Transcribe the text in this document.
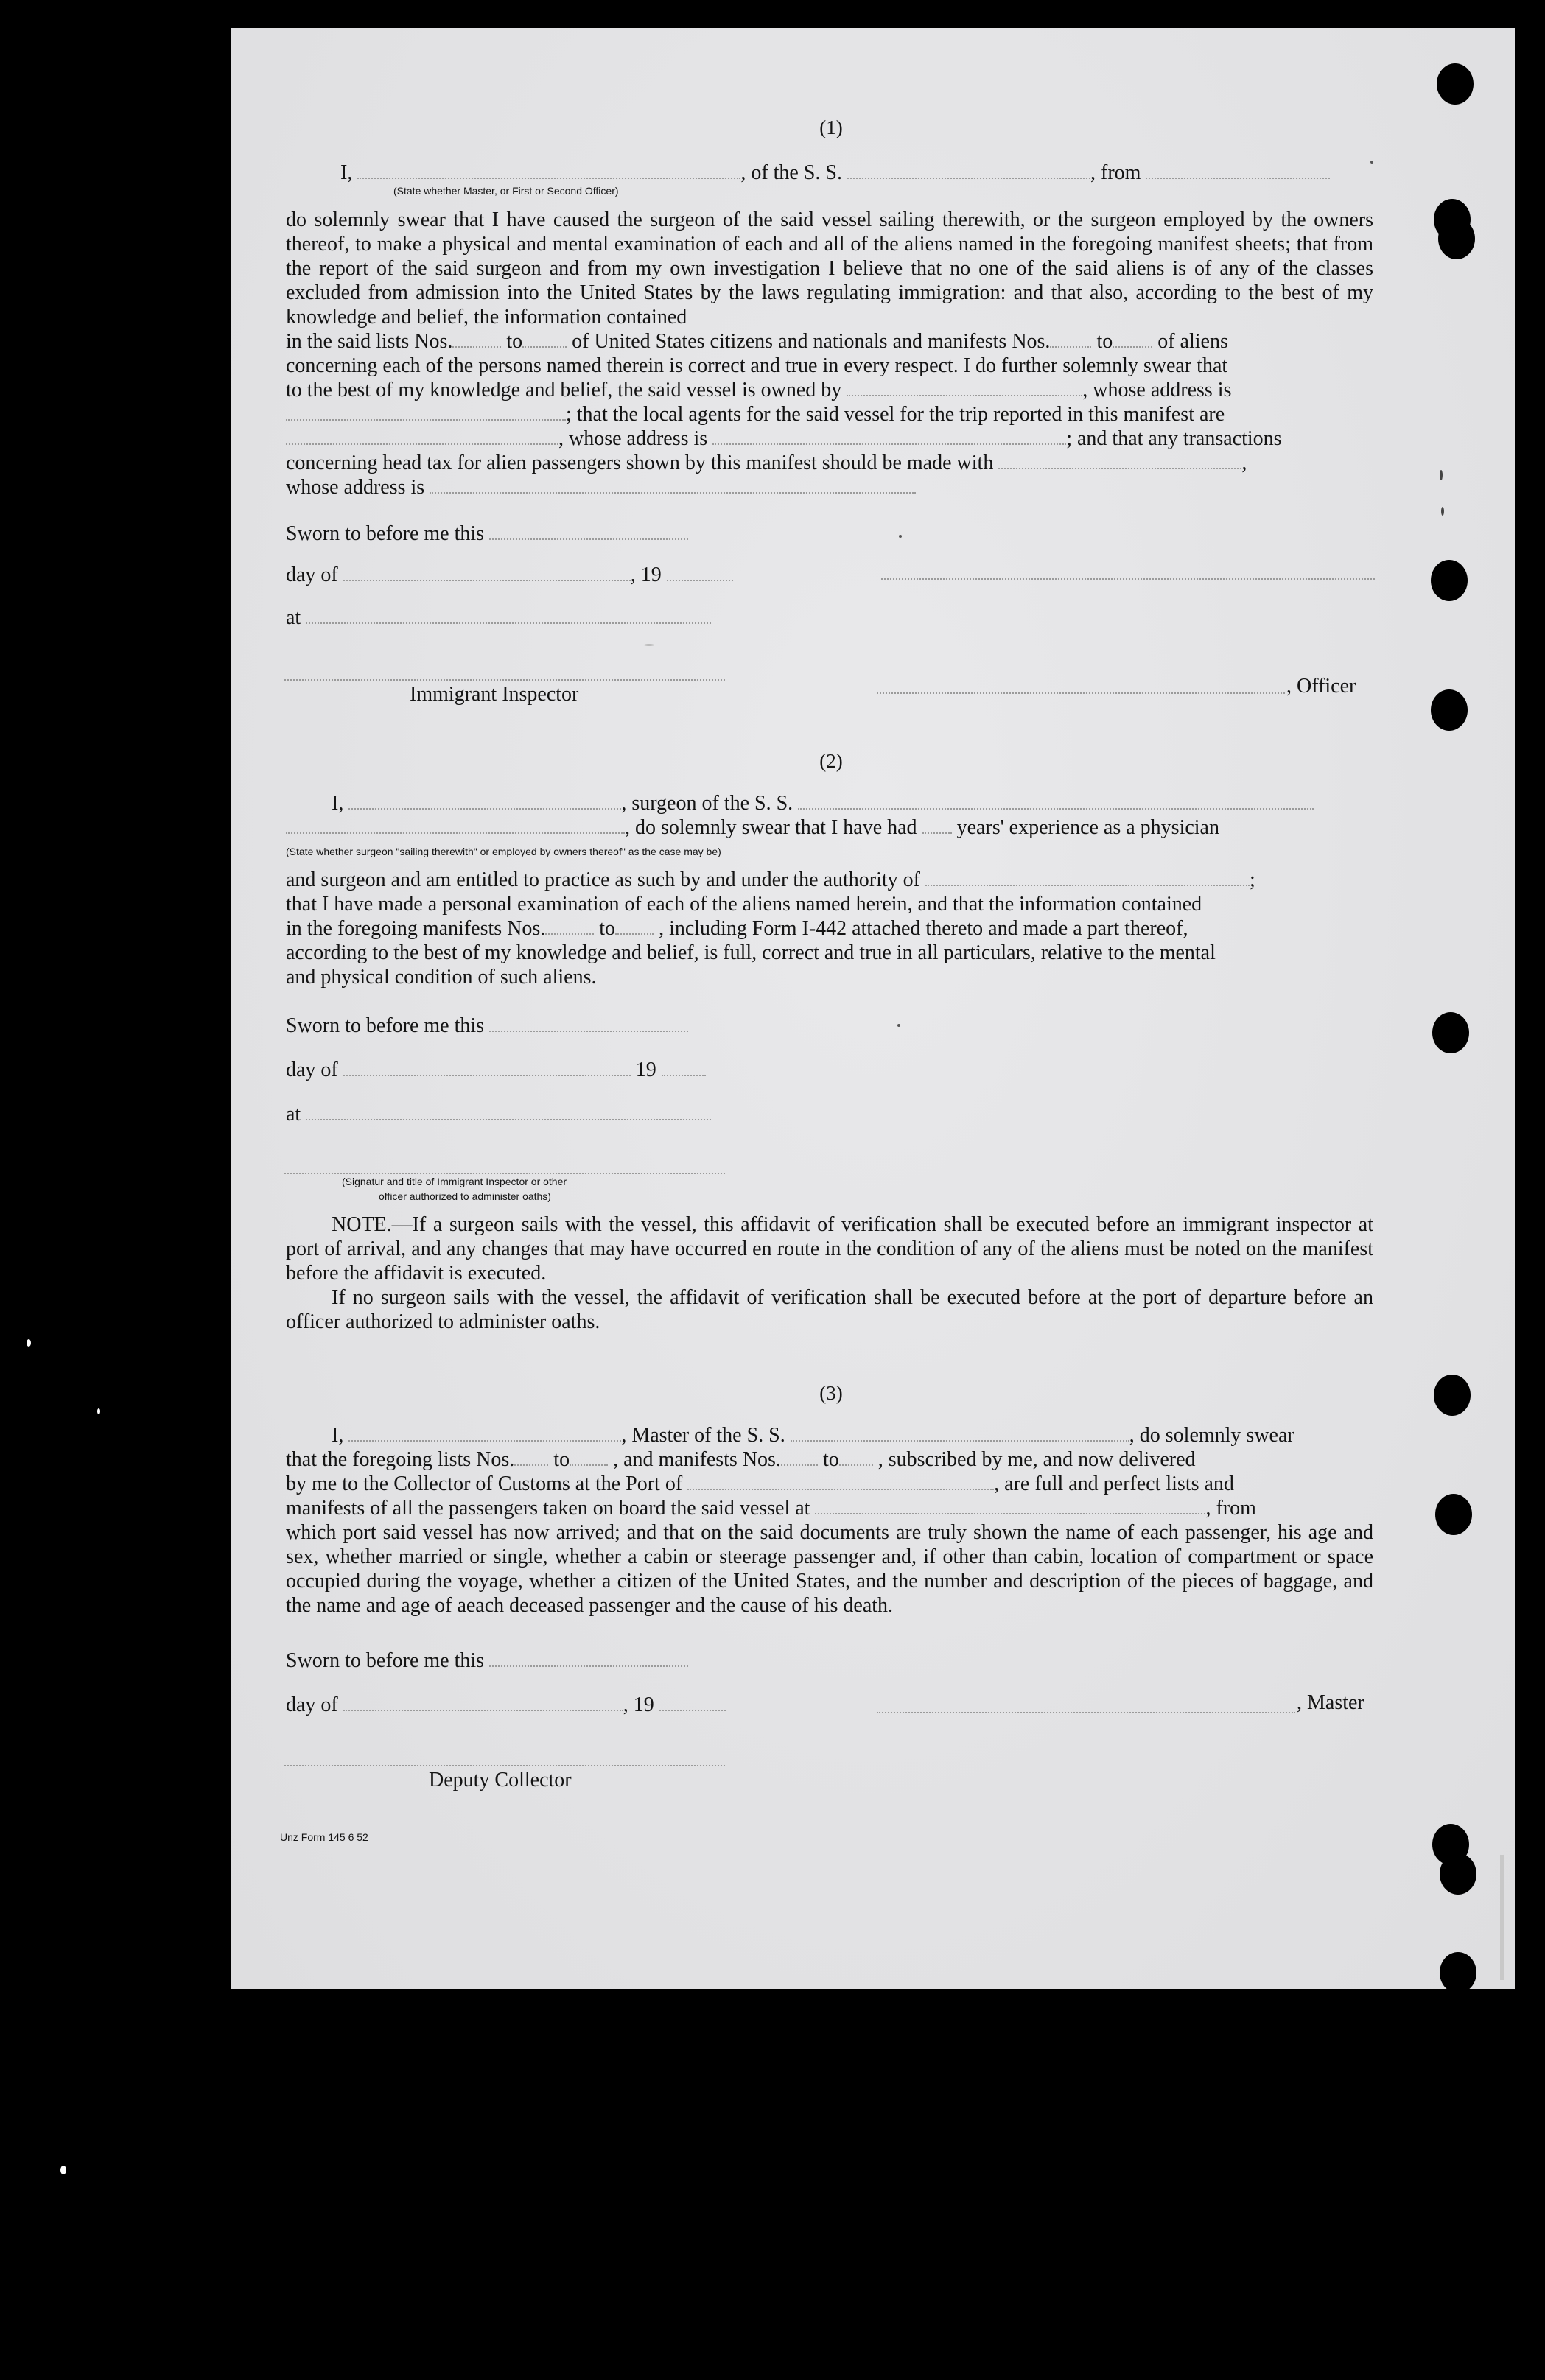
(1)
I,	, of the S. S.	, from
(State whether Master, or First or Second Officer)
do solemnly swear that I have caused the surgeon of the said vessel sailing therewith, or the surgeon employed by the owners thereof, to make a physical and mental examination of each and all of the aliens named in the foregoing manifest sheets; that from the report of the said surgeon and from my own investigation I believe that no one of the said aliens is of any of the classes excluded from admission into the United States by the laws regulating immigration: and that also, according to the best of my knowledge and belief, the information contained
in the said lists Nos.	to of United States citizens and nationals and manifests Nos. to of aliens
concerning each of the persons named therein is correct and true in every respect. I do further solemnly swear that
to the best of my knowledge and belief, the said vessel is owned by	, whose address is
; that the local agents for the said vessel for the trip reported in this manifest are
, whose address is	; and that any transactions
concerning head tax for alien passengers shown by this manifest should be made with	,
whose address is
Sworn to before me this
day of	, 19
at
Immigrant Inspector	, Officer
(2)
I,	, surgeon of the S. S.
, do solemnly swear that I have had years' experience as a physician
(State whether surgeon "sailing therewith" or employed by owners thereof" as the case may be)
and surgeon and am entitled to practice as such by and under the authority of	;
that I have made a personal examination of each of the aliens named herein, and that the information contained
in the foregoing manifests Nos.	to , including Form I-442 attached thereto and made a part thereof,
according to the best of my knowledge and belief, is full, correct and true in all particulars, relative to the mental
and physical condition of such aliens.
Sworn to before me this
day of	19
at
(Signatur and title of Immigrant Inspector or other
officer authorized to administer oaths)
NOTE.—If a surgeon sails with the vessel, this affidavit of verification shall be executed before an immigrant inspector at port of arrival, and any changes that may have occurred en route in the condition of any of the aliens must be noted on the manifest before the affidavit is executed.
If no surgeon sails with the vessel, the affidavit of verification shall be executed before at the port of departure before an officer authorized to administer oaths.
(3)
I,	, Master of the S. S.	, do solemnly swear
that the foregoing lists Nos. to , and manifests Nos. to , subscribed by me, and now delivered
by me to the Collector of Customs at the Port of	, are full and perfect lists and
manifests of all the passengers taken on board the said vessel at	, from
which port said vessel has now arrived; and that on the said documents are truly shown the name of each passenger, his age and sex, whether married or single, whether a cabin or steerage passenger and, if other than cabin, location of compartment or space occupied during the voyage, whether a citizen of the United States, and the number and description of the pieces of baggage, and the name and age of aeach deceased passenger and the cause of his death.
Sworn to before me this
day of	, 19	, Master
Deputy Collector
Unz Form 145 6 52
